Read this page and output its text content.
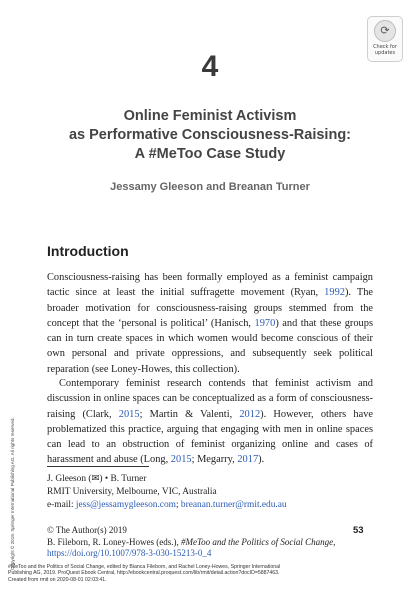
⟳
Check for updates
4
Online Feminist Activism
as Performative Consciousness-Raising:
A #MeToo Case Study
Jessamy Gleeson and Breanan Turner
Introduction
Consciousness-raising has been formally employed as a feminist campaign tactic since at least the initial suffragette movement (Ryan, 1992). The broader motivation for consciousness-raising groups stemmed from the concept that the ‘personal is political’ (Hanisch, 1970) and that these groups can in turn create spaces in which women would become conscious of their own personal and private oppressions, and subsequently seek political reparation (see Loney-Howes, this collection).
Contemporary feminist research contends that feminist activism and discussion in online spaces can be conceptualized as a form of consciousness-raising (Clark, 2015; Martin & Valenti, 2012). However, others have problematized this practice, arguing that engaging with men in online spaces can lead to an obstruction of feminist organizing online and cases of harassment and abuse (Long, 2015; Megarry, 2017).
J. Gleeson (✉) • B. Turner
RMIT University, Melbourne, VIC, Australia
e-mail: jess@jessamygleeson.com; breanan.turner@rmit.edu.au
© The Author(s) 2019
B. Fileborn, R. Loney-Howes (eds.), #MeToo and the Politics of Social Change,
https://doi.org/10.1007/978-3-030-15213-0_4
53
Copyright © 2019. Springer International Publishing AG. All rights reserved.
#MeToo and the Politics of Social Change, edited by Bianca Fileborn, and Rachel Loney-Howes, Springer International
Publishing AG, 2019. ProQuest Ebook Central, http://ebookcentral.proquest.com/lib/rmit/detail.action?docID=5887463.
Created from rmit on 2020-08-01 02:03:41.
